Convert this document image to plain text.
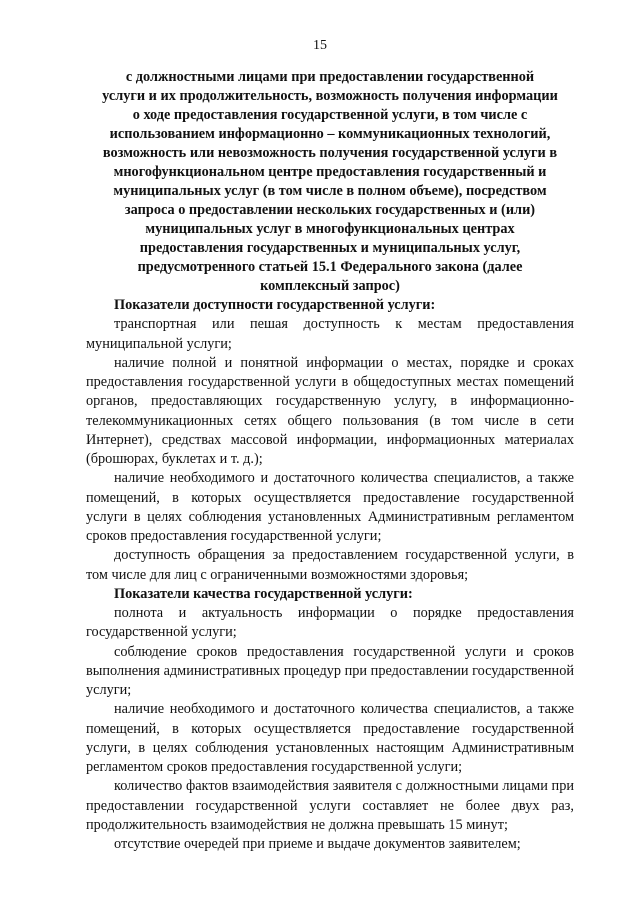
15
с должностными лицами при предоставлении государственной
услуги и их продолжительность, возможность получения информации
о ходе предоставления государственной услуги, в том числе с
использованием информационно – коммуникационных технологий,
возможность или невозможность получения государственной услуги в
многофункциональном центре предоставления государственный и
муниципальных услуг (в том числе в полном объеме), посредством
запроса о предоставлении нескольких государственных и (или)
муниципальных услуг в многофункциональных центрах
предоставления государственных и муниципальных услуг,
предусмотренного статьей 15.1 Федерального закона (далее
комплексный запрос)

Показатели доступности государственной услуги:

транспортная или пешая доступность к местам предоставления муниципальной услуги;

наличие полной и понятной информации о местах, порядке и сроках предоставления государственной услуги в общедоступных местах помещений органов, предоставляющих государственную услугу, в информационно-телекоммуникационных сетях общего пользования (в том числе в сети Интернет), средствах массовой информации, информационных материалах (брошюрах, буклетах и т. д.);

наличие необходимого и достаточного количества специалистов, а также помещений, в которых осуществляется предоставление государственной услуги в целях соблюдения установленных Административным регламентом сроков предоставления государственной услуги;

доступность обращения за предоставлением государственной услуги, в том числе для лиц с ограниченными возможностями здоровья;

Показатели качества государственной услуги:

полнота и актуальность информации о порядке предоставления государственной услуги;

соблюдение сроков предоставления государственной услуги и сроков выполнения административных процедур при предоставлении государственной услуги;

наличие необходимого и достаточного количества специалистов, а также помещений, в которых осуществляется предоставление государственной услуги, в целях соблюдения установленных настоящим Административным регламентом сроков предоставления государственной услуги;

количество фактов взаимодействия заявителя с должностными лицами при предоставлении государственной услуги составляет не более двух раз, продолжительность взаимодействия не должна превышать 15 минут;

отсутствие очередей при приеме и выдаче документов заявителем;
